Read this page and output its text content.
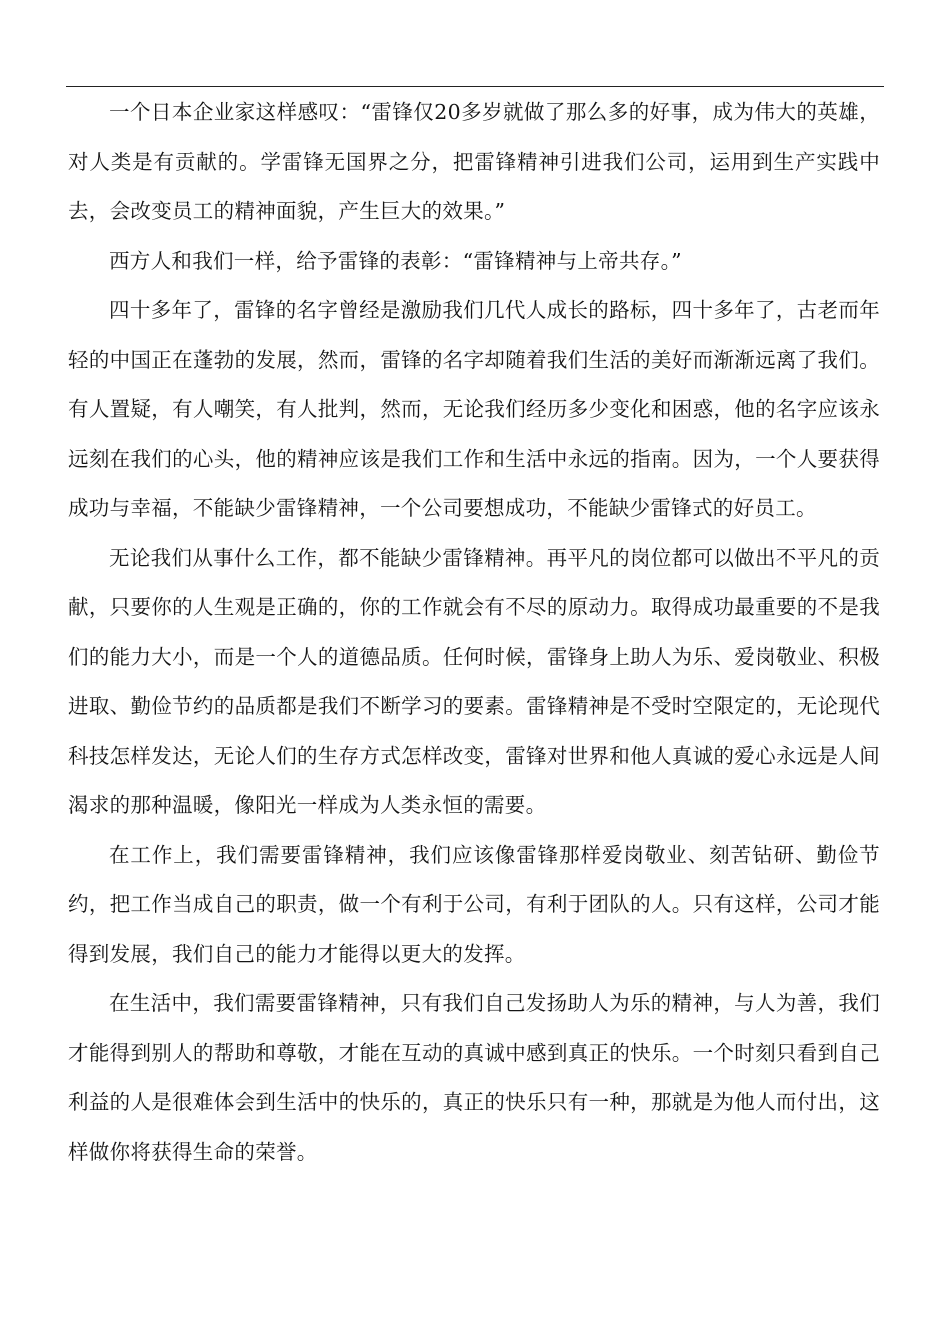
一个日本企业家这样感叹：“雷锋仅20多岁就做了那么多的好事，成为伟大的英雄，对人类是有贡献的。学雷锋无国界之分，把雷锋精神引进我们公司，运用到生产实践中去，会改变员工的精神面貌，产生巨大的效果。”

西方人和我们一样，给予雷锋的表彰：“雷锋精神与上帝共存。”

四十多年了，雷锋的名字曾经是激励我们几代人成长的路标，四十多年了，古老而年轻的中国正在蓬勃的发展，然而，雷锋的名字却随着我们生活的美好而渐渐远离了我们。有人置疑，有人嘲笑，有人批判，然而，无论我们经历多少变化和困惑，他的名字应该永远刻在我们的心头，他的精神应该是我们工作和生活中永远的指南。因为，一个人要获得成功与幸福，不能缺少雷锋精神，一个公司要想成功，不能缺少雷锋式的好员工。

无论我们从事什么工作，都不能缺少雷锋精神。再平凡的岗位都可以做出不平凡的贡献，只要你的人生观是正确的，你的工作就会有不尽的原动力。取得成功最重要的不是我们的能力大小，而是一个人的道德品质。任何时候，雷锋身上助人为乐、爱岗敬业、积极进取、勤俭节约的品质都是我们不断学习的要素。雷锋精神是不受时空限定的，无论现代科技怎样发达，无论人们的生存方式怎样改变，雷锋对世界和他人真诚的爱心永远是人间渴求的那种温暖，像阳光一样成为人类永恒的需要。

在工作上，我们需要雷锋精神，我们应该像雷锋那样爱岗敬业、刻苦钻研、勤俭节约，把工作当成自己的职责，做一个有利于公司，有利于团队的人。只有这样，公司才能得到发展，我们自己的能力才能得以更大的发挥。

在生活中，我们需要雷锋精神，只有我们自己发扬助人为乐的精神，与人为善，我们才能得到别人的帮助和尊敬，才能在互动的真诚中感到真正的快乐。一个时刻只看到自己利益的人是很难体会到生活中的快乐的，真正的快乐只有一种，那就是为他人而付出，这样做你将获得生命的荣誉。
